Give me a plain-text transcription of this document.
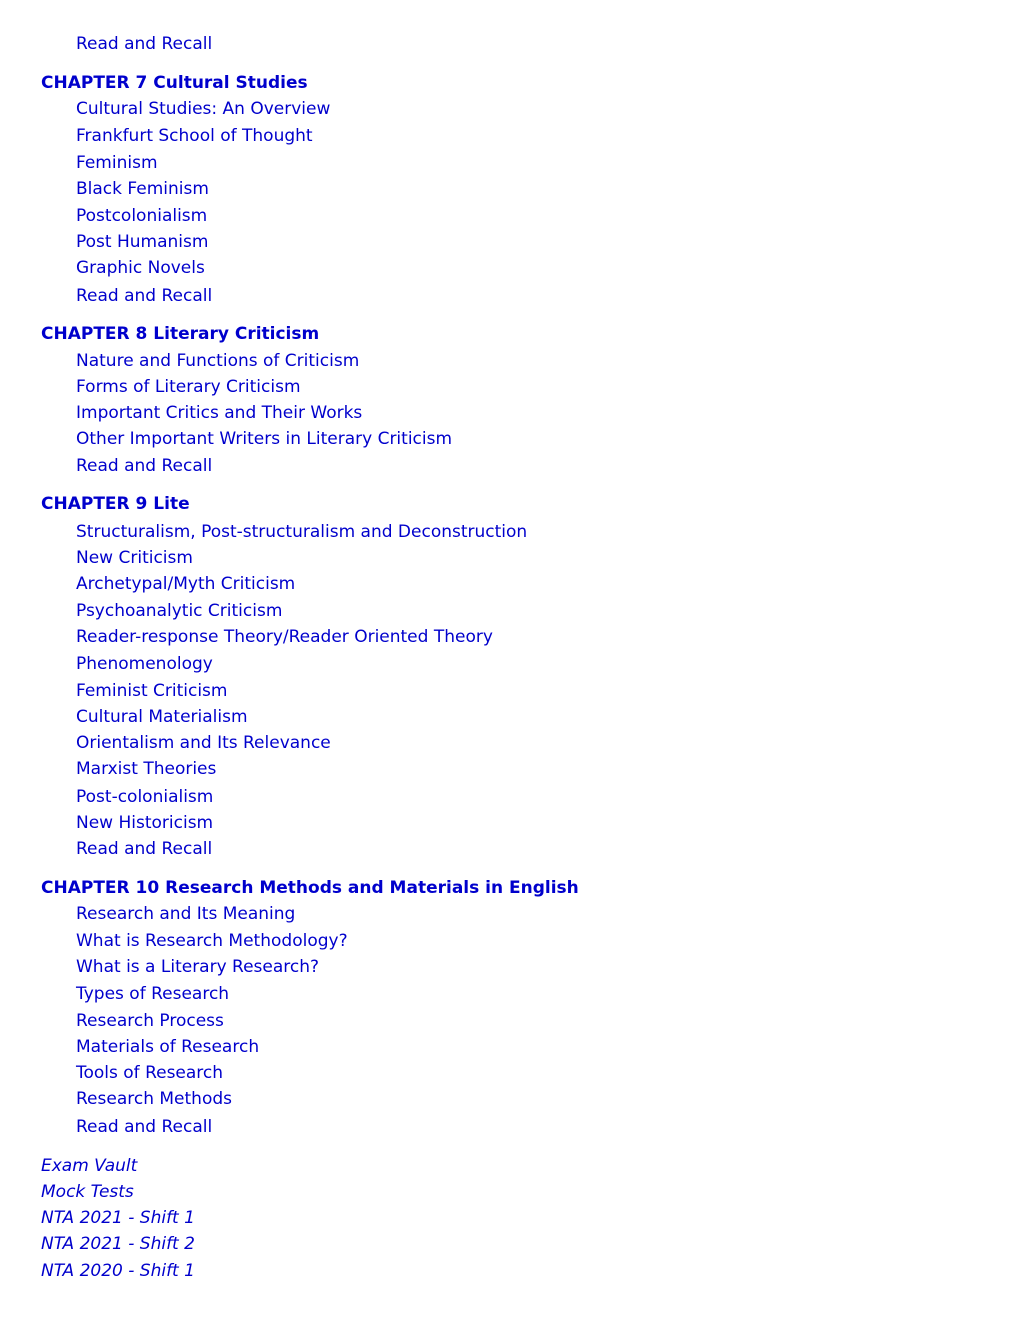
Read and Recall
CHAPTER 7 Cultural Studies
Cultural Studies: An Overview
Frankfurt School of Thought
Feminism
Black Feminism
Postcolonialism
Post Humanism
Graphic Novels
Read and Recall
CHAPTER 8 Literary Criticism
Nature and Functions of Criticism
Forms of Literary Criticism
Important Critics and Their Works
Other Important Writers in Literary Criticism
Read and Recall
CHAPTER 9 Lite
Structuralism, Post-structuralism and Deconstruction
New Criticism
Archetypal/Myth Criticism
Psychoanalytic Criticism
Reader-response Theory/Reader Oriented Theory
Phenomenology
Feminist Criticism
Cultural Materialism
Orientalism and Its Relevance
Marxist Theories
Post-colonialism
New Historicism
Read and Recall
CHAPTER 10 Research Methods and Materials in English
Research and Its Meaning
What is Research Methodology?
What is a Literary Research?
Types of Research
Research Process
Materials of Research
Tools of Research
Research Methods
Read and Recall
Exam Vault
Mock Tests
NTA 2021 - Shift 1
NTA 2021 - Shift 2
NTA 2020 - Shift 1
